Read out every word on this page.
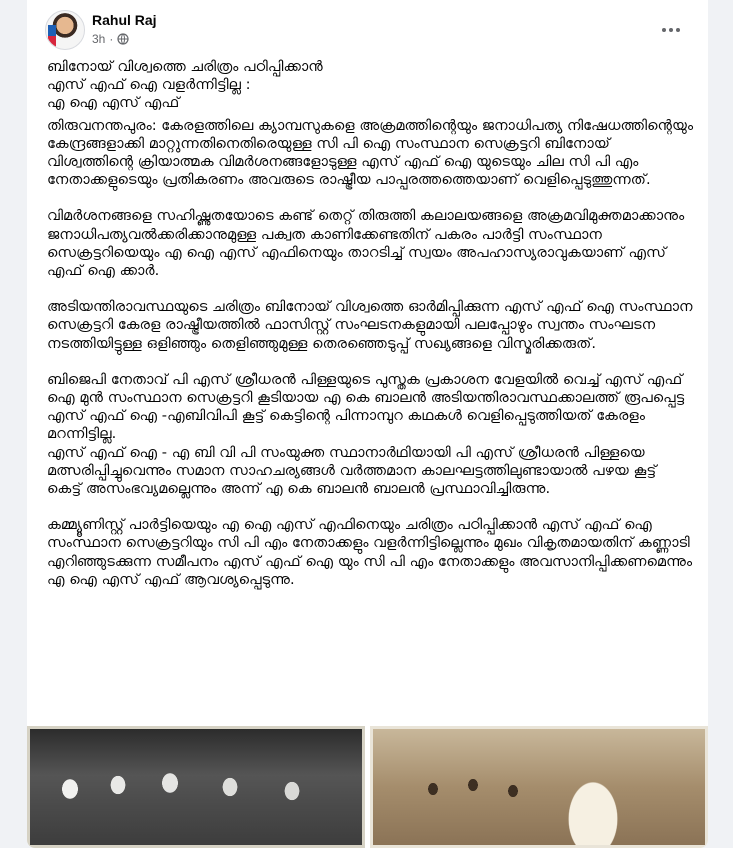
Rahul Raj
3h ·

ബിനോയ് വിശ്വത്തെ ചരിത്രം പഠിപ്പിക്കാൻ
എസ് എഫ് ഐ വളർന്നിട്ടില്ല :
എ ഐ എസ് എഫ്

തിരുവനന്തപുരം: കേരളത്തിലെ ക്യാമ്പസുകളെ അക്രമത്തിന്റെയും ജനാധിപത്യ നിഷേധത്തിന്റെയും കേന്ദ്രങ്ങളാക്കി മാറ്റുന്നതിനെതിരെയുള്ള സി പി ഐ സംസ്ഥാന സെക്രട്ടറി ബിനോയ് വിശ്വത്തിന്റെ ക്രിയാത്മക വിമർശനങ്ങളോടുള്ള എസ് എഫ് ഐ യുടെയും ചില സി പി എം നേതാക്കളുടെയും പ്രതികരണം അവരുടെ രാഷ്ട്രീയ പാപ്പരത്തത്തെയാണ് വെളിപ്പെടുത്തുന്നത്.

വിമർശനങ്ങളെ സഹിഷ്ണുതയോടെ കണ്ട് തെറ്റ് തിരുത്തി കലാലയങ്ങളെ അക്രമവിമുക്തമാക്കാനും ജനാധിപത്യവൽക്കരിക്കാനുമുള്ള പക്വത കാണിക്കേണ്ടതിന് പകരം പാർട്ടി സംസ്ഥാന സെക്രട്ടറിയെയും എ ഐ എസ് എഫിനെയും താറടിച്ച് സ്വയം അപഹാസ്യരാവുകയാണ് എസ് എഫ് ഐ ക്കാർ.

അടിയന്തിരാവസ്ഥയുടെ ചരിത്രം ബിനോയ് വിശ്വത്തെ ഓർമിപ്പിക്കുന്ന എസ് എഫ് ഐ സംസ്ഥാന സെക്രട്ടറി കേരള രാഷ്ട്രീയത്തിൽ ഫാസിസ്റ്റ് സംഘടനകളുമായി പലപ്പോഴും സ്വന്തം സംഘടന നടത്തിയിട്ടുള്ള ഒളിഞ്ഞും തെളിഞ്ഞുമുള്ള തെരഞ്ഞെടുപ്പ് സഖ്യങ്ങളെ വിസ്മരിക്കരുത്.

ബിജെപി നേതാവ് പി എസ് ശ്രീധരൻ പിള്ളയുടെ പുസ്തക പ്രകാശന വേളയിൽ വെച്ച് എസ് എഫ് ഐ മുൻ സംസ്ഥാന സെക്രട്ടറി കൂടിയായ എ കെ ബാലൻ അടിയന്തിരാവസ്ഥക്കാലത്ത് രൂപപ്പെട്ട
എസ് എഫ് ഐ -എബിവിപി കൂട്ട് കെട്ടിന്റെ പിന്നാമ്പുറ കഥകൾ വെളിപ്പെടുത്തിയത് കേരളം മറന്നിട്ടില്ല.
എസ് എഫ് ഐ - എ ബി വി പി സംയുക്ത സ്ഥാനാർഥിയായി പി എസ് ശ്രീധരൻ പിള്ളയെ മത്സരിപ്പിച്ചുവെന്നും സമാന സാഹചര്യങ്ങൾ വർത്തമാന കാലഘട്ടത്തിലുണ്ടായാൽ പഴയ കൂട്ട് കെട്ട് അസംഭവ്യമല്ലെന്നും അന്ന് എ കെ ബാലൻ ബാലൻ പ്രസ്ഥാവിച്ചിരുന്നു.

കമ്മ്യൂണിസ്റ്റ് പാർട്ടിയെയും എ ഐ എസ് എഫിനെയും ചരിത്രം പഠിപ്പിക്കാൻ എസ് എഫ് ഐ സംസ്ഥാന സെക്രട്ടറിയും സി പി എം നേതാക്കളും വളർന്നിട്ടില്ലെന്നും മുഖം വികൃതമായതിന് കണ്ണാടി എറിഞ്ഞുടക്കുന്ന സമീപനം എസ് എഫ് ഐ യും സി പി എം നേതാക്കളും അവസാനിപ്പിക്കണമെന്നും എ ഐ എസ് എഫ് ആവശ്യപ്പെടുന്നു.
